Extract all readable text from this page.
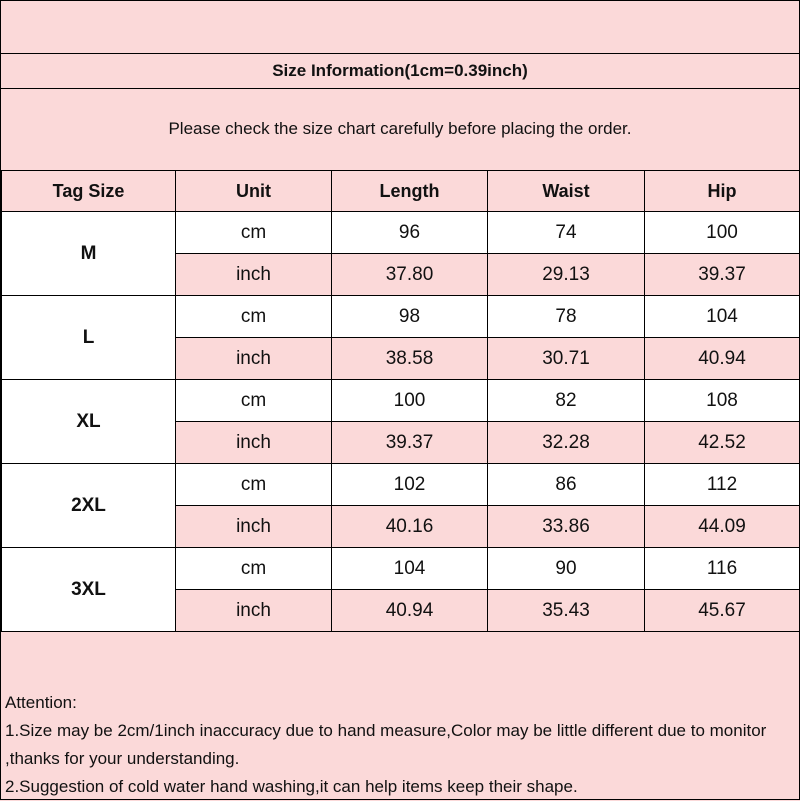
Size Information(1cm=0.39inch)
Please check the size chart carefully before placing the order.
Tag Size	Unit	Length	Waist	Hip
M	cm	96	74	100
	inch	37.80	29.13	39.37
L	cm	98	78	104
	inch	38.58	30.71	40.94
XL	cm	100	82	108
	inch	39.37	32.28	42.52
2XL	cm	102	86	112
	inch	40.16	33.86	44.09
3XL	cm	104	90	116
	inch	40.94	35.43	45.67
Attention:
1.Size may be 2cm/1inch inaccuracy due to hand measure,Color may be little different due to monitor
,thanks for your understanding.
2.Suggestion of cold water hand washing,it can help items keep their shape.
